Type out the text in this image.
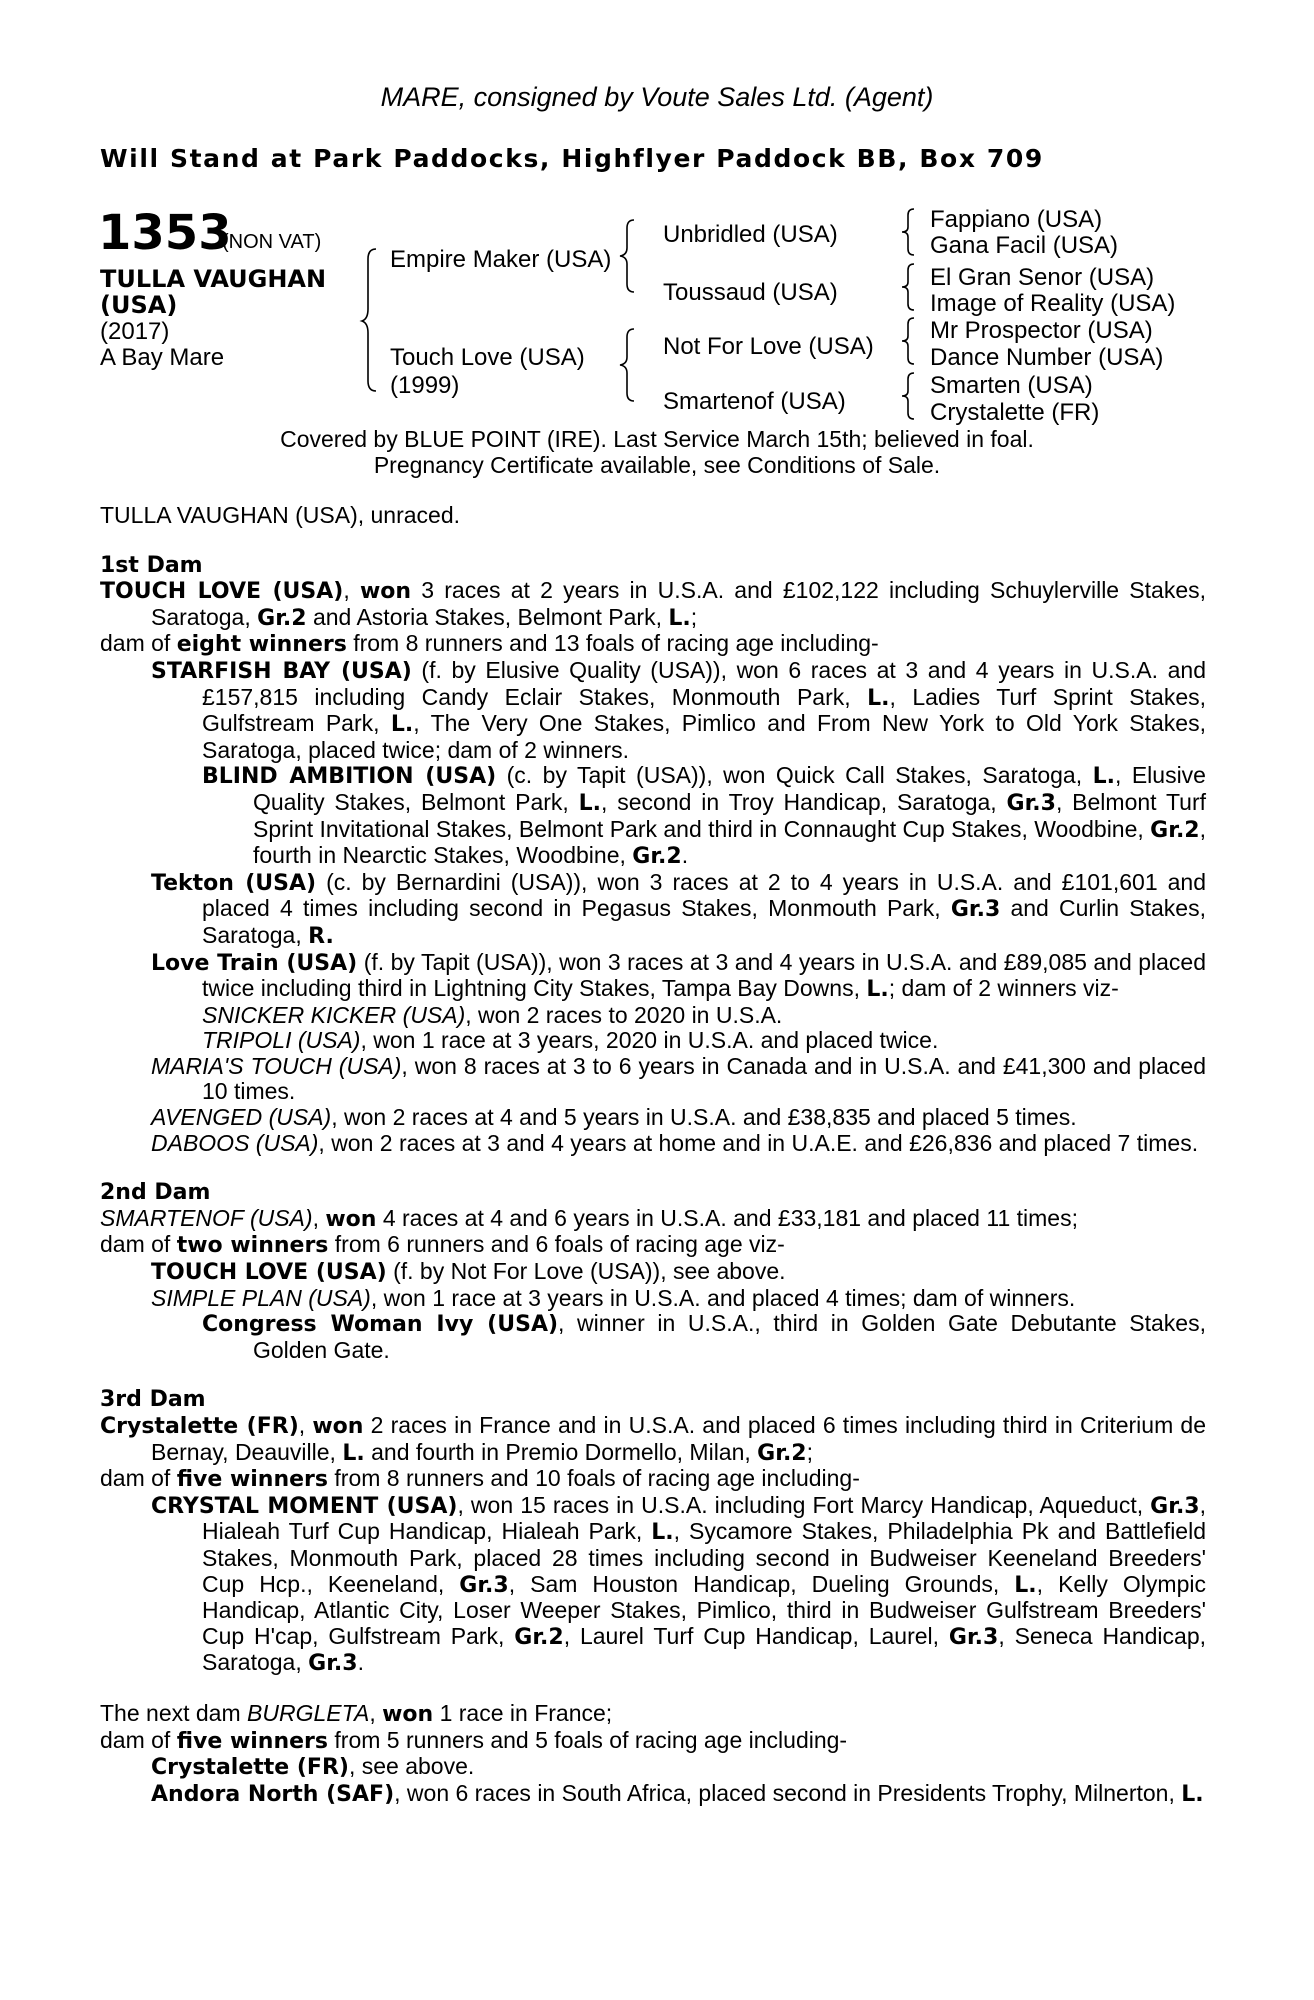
MARE, consigned by Voute Sales Ltd. (Agent)
Will Stand at Park Paddocks, Highflyer Paddock BB, Box 709
1353
(NON VAT)
TULLA VAUGHAN
(USA)
(2017)
A Bay Mare
Empire Maker (USA)
Touch Love (USA)
(1999)
Unbridled (USA)
Toussaud (USA)
Not For Love (USA)
Smartenof (USA)
Fappiano (USA)
Gana Facil (USA)
El Gran Senor (USA)
Image of Reality (USA)
Mr Prospector (USA)
Dance Number (USA)
Smarten (USA)
Crystalette (FR)
Covered by BLUE POINT (IRE). Last Service March 15th; believed in foal.
Pregnancy Certificate available, see Conditions of Sale.
TULLA VAUGHAN (USA), unraced.
1st Dam
TOUCH LOVE (USA), won 3 races at 2 years in U.S.A. and £102,122 including Schuylerville Stakes, Saratoga, Gr.2 and Astoria Stakes, Belmont Park, L.;
dam of eight winners from 8 runners and 13 foals of racing age including-
STARFISH BAY (USA) (f. by Elusive Quality (USA)), won 6 races at 3 and 4 years in U.S.A. and £157,815 including Candy Eclair Stakes, Monmouth Park, L., Ladies Turf Sprint Stakes, Gulfstream Park, L., The Very One Stakes, Pimlico and From New York to Old York Stakes, Saratoga, placed twice; dam of 2 winners.
BLIND AMBITION (USA) (c. by Tapit (USA)), won Quick Call Stakes, Saratoga, L., Elusive Quality Stakes, Belmont Park, L., second in Troy Handicap, Saratoga, Gr.3, Belmont Turf Sprint Invitational Stakes, Belmont Park and third in Connaught Cup Stakes, Woodbine, Gr.2, fourth in Nearctic Stakes, Woodbine, Gr.2.
Tekton (USA) (c. by Bernardini (USA)), won 3 races at 2 to 4 years in U.S.A. and £101,601 and placed 4 times including second in Pegasus Stakes, Monmouth Park, Gr.3 and Curlin Stakes, Saratoga, R.
Love Train (USA) (f. by Tapit (USA)), won 3 races at 3 and 4 years in U.S.A. and £89,085 and placed twice including third in Lightning City Stakes, Tampa Bay Downs, L.; dam of 2 winners viz-
SNICKER KICKER (USA), won 2 races to 2020 in U.S.A.
TRIPOLI (USA), won 1 race at 3 years, 2020 in U.S.A. and placed twice.
MARIA'S TOUCH (USA), won 8 races at 3 to 6 years in Canada and in U.S.A. and £41,300 and placed 10 times.
AVENGED (USA), won 2 races at 4 and 5 years in U.S.A. and £38,835 and placed 5 times.
DABOOS (USA), won 2 races at 3 and 4 years at home and in U.A.E. and £26,836 and placed 7 times.
2nd Dam
SMARTENOF (USA), won 4 races at 4 and 6 years in U.S.A. and £33,181 and placed 11 times;
dam of two winners from 6 runners and 6 foals of racing age viz-
TOUCH LOVE (USA) (f. by Not For Love (USA)), see above.
SIMPLE PLAN (USA), won 1 race at 3 years in U.S.A. and placed 4 times; dam of winners.
Congress Woman Ivy (USA), winner in U.S.A., third in Golden Gate Debutante Stakes, Golden Gate.
3rd Dam
Crystalette (FR), won 2 races in France and in U.S.A. and placed 6 times including third in Criterium de Bernay, Deauville, L. and fourth in Premio Dormello, Milan, Gr.2;
dam of five winners from 8 runners and 10 foals of racing age including-
CRYSTAL MOMENT (USA), won 15 races in U.S.A. including Fort Marcy Handicap, Aqueduct, Gr.3, Hialeah Turf Cup Handicap, Hialeah Park, L., Sycamore Stakes, Philadelphia Pk and Battlefield Stakes, Monmouth Park, placed 28 times including second in Budweiser Keeneland Breeders' Cup Hcp., Keeneland, Gr.3, Sam Houston Handicap, Dueling Grounds, L., Kelly Olympic Handicap, Atlantic City, Loser Weeper Stakes, Pimlico, third in Budweiser Gulfstream Breeders' Cup H'cap, Gulfstream Park, Gr.2, Laurel Turf Cup Handicap, Laurel, Gr.3, Seneca Handicap, Saratoga, Gr.3.
The next dam BURGLETA, won 1 race in France;
dam of five winners from 5 runners and 5 foals of racing age including-
Crystalette (FR), see above.
Andora North (SAF), won 6 races in South Africa, placed second in Presidents Trophy, Milnerton, L.
